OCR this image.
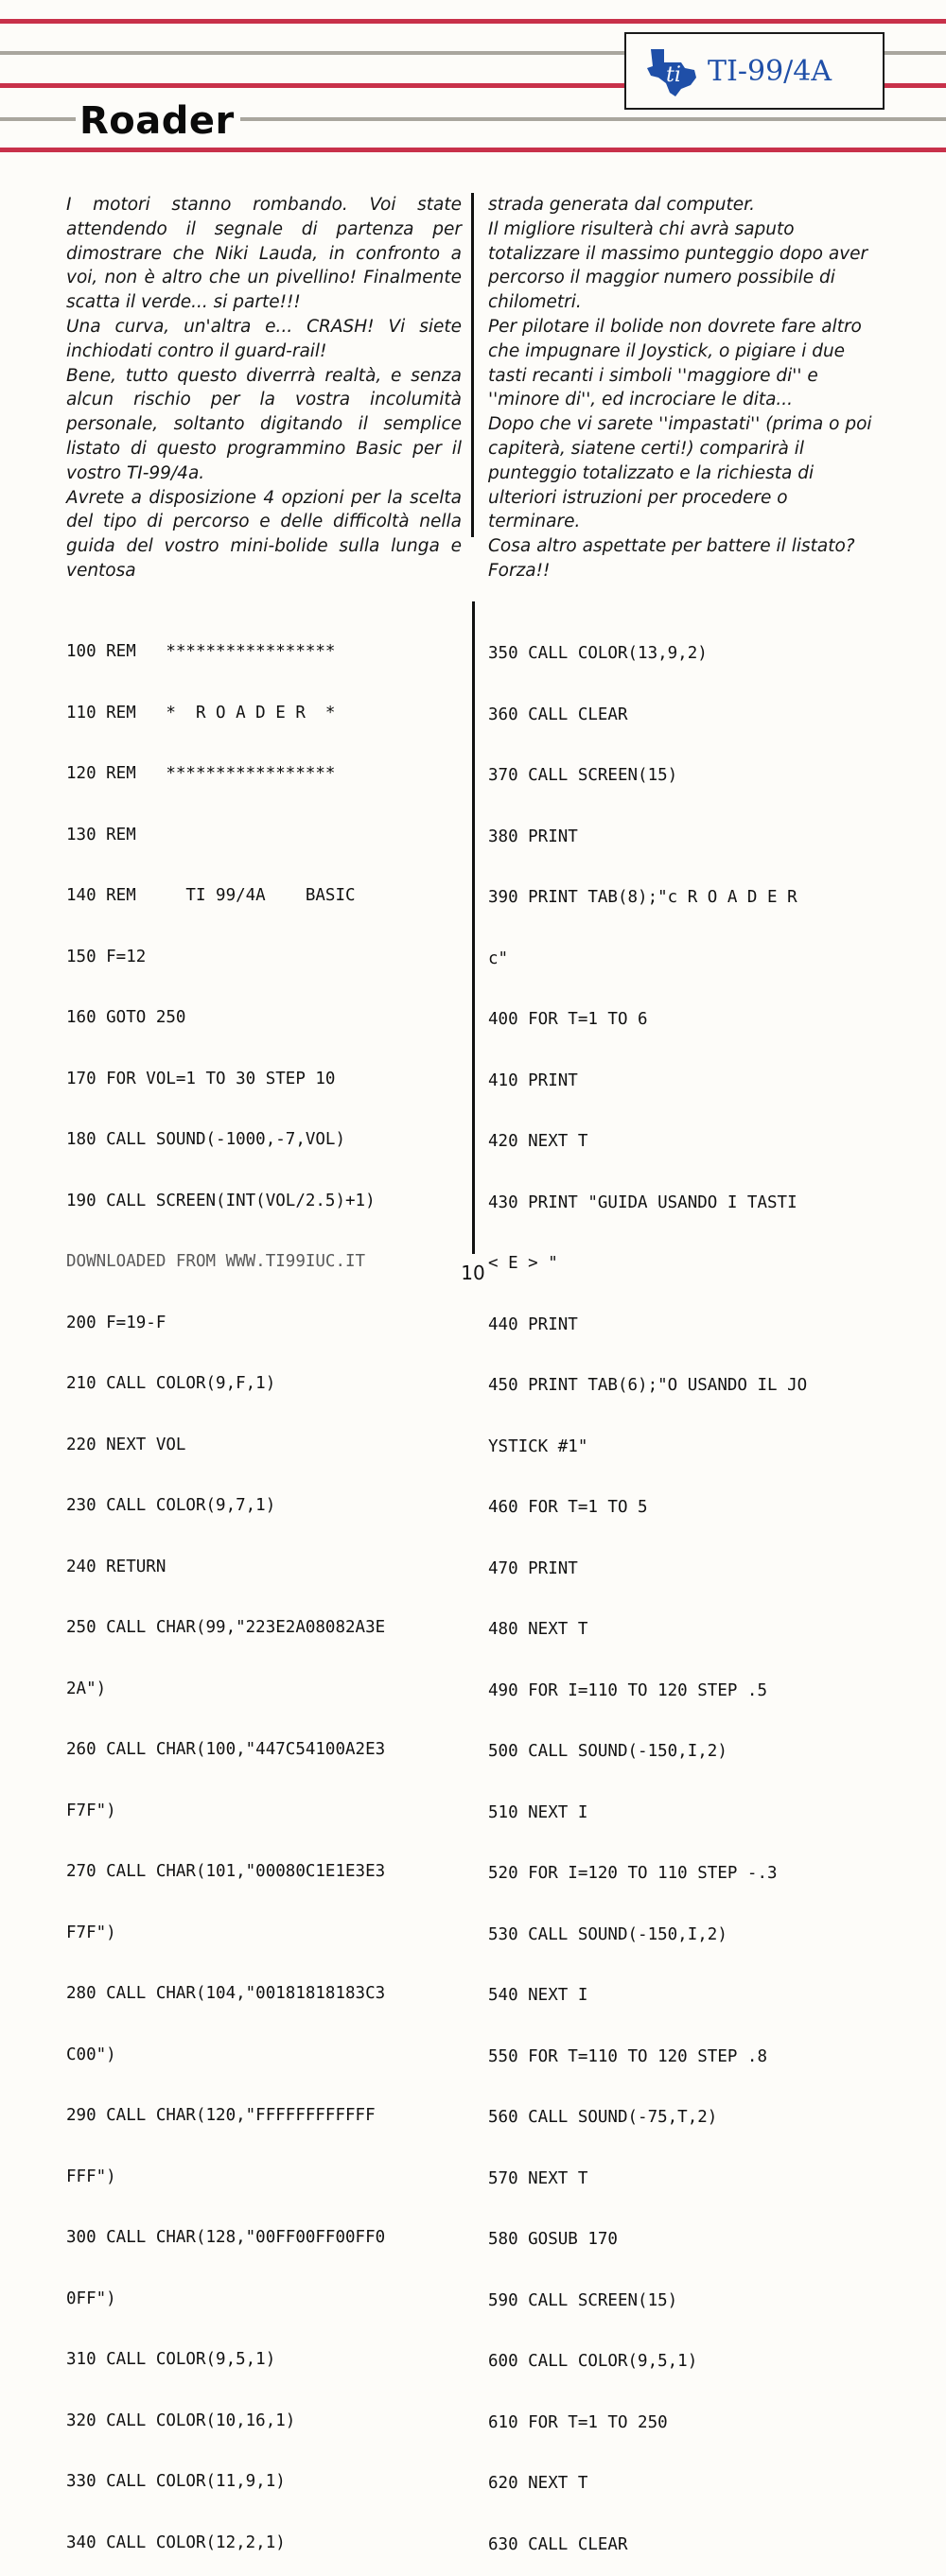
Roader
ti TI-99/4A

I motori stanno rombando. Voi state attendendo il segnale di partenza per dimostrare che Niki Lauda, in confronto a voi, non è altro che un pivellino! Finalmente scatta il verde... si parte!!!

Una curva, un'altra e... CRASH! Vi siete inchiodati contro il guard-rail!

Bene, tutto questo diverrrà realtà, e senza alcun rischio per la vostra incolumità personale, soltanto digitando il semplice listato di questo programmino Basic per il vostro TI-99/4a.

Avrete a disposizione 4 opzioni per la scelta del tipo di percorso e delle difficoltà nella guida del vostro mini-bolide sulla lunga e ventosa

strada generata dal computer.

Il migliore risulterà chi avrà saputo totalizzare il massimo punteggio dopo aver percorso il maggior numero possibile di chilometri.

Per pilotare il bolide non dovrete fare altro che impugnare il Joystick, o pigiare i due tasti recanti i simboli ''maggiore di'' e ''minore di'', ed incrociare le dita...

Dopo che vi sarete ''impastati'' (prima o poi capiterà, siatene certi!) comparirà il punteggio totalizzato e la richiesta di ulteriori istruzioni per procedere o terminare.

Cosa altro aspettate per battere il listato? Forza!!

100 REM   *****************

110 REM   *  R O A D E R  *

120 REM   *****************

130 REM

140 REM     TI 99/4A    BASIC

150 F=12

160 GOTO 250

170 FOR VOL=1 TO 30 STEP 10

180 CALL SOUND(-1000,-7,VOL)

190 CALL SCREEN(INT(VOL/2.5)+1)

DOWNLOADED FROM WWW.TI99IUC.IT

200 F=19-F

210 CALL COLOR(9,F,1)

220 NEXT VOL

230 CALL COLOR(9,7,1)

240 RETURN

250 CALL CHAR(99,"223E2A08082A3E

2A")

260 CALL CHAR(100,"447C54100A2E3

F7F")

270 CALL CHAR(101,"00080C1E1E3E3

F7F")

280 CALL CHAR(104,"00181818183C3

C00")

290 CALL CHAR(120,"FFFFFFFFFFFF

FFF")

300 CALL CHAR(128,"00FF00FF00FF0

0FF")

310 CALL COLOR(9,5,1)

320 CALL COLOR(10,16,1)

330 CALL COLOR(11,9,1)

340 CALL COLOR(12,2,1)

350 CALL COLOR(13,9,2)

360 CALL CLEAR

370 CALL SCREEN(15)

380 PRINT

390 PRINT TAB(8);"c R O A D E R

c"

400 FOR T=1 TO 6

410 PRINT

420 NEXT T

430 PRINT "GUIDA USANDO I TASTI

< E > "

440 PRINT

450 PRINT TAB(6);"O USANDO IL JO

YSTICK #1"

460 FOR T=1 TO 5

470 PRINT

480 NEXT T

490 FOR I=110 TO 120 STEP .5

500 CALL SOUND(-150,I,2)

510 NEXT I

520 FOR I=120 TO 110 STEP -.3

530 CALL SOUND(-150,I,2)

540 NEXT I

550 FOR T=110 TO 120 STEP .8

560 CALL SOUND(-75,T,2)

570 NEXT T

580 GOSUB 170

590 CALL SCREEN(15)

600 CALL COLOR(9,5,1)

610 FOR T=1 TO 250

620 NEXT T

630 CALL CLEAR

10
